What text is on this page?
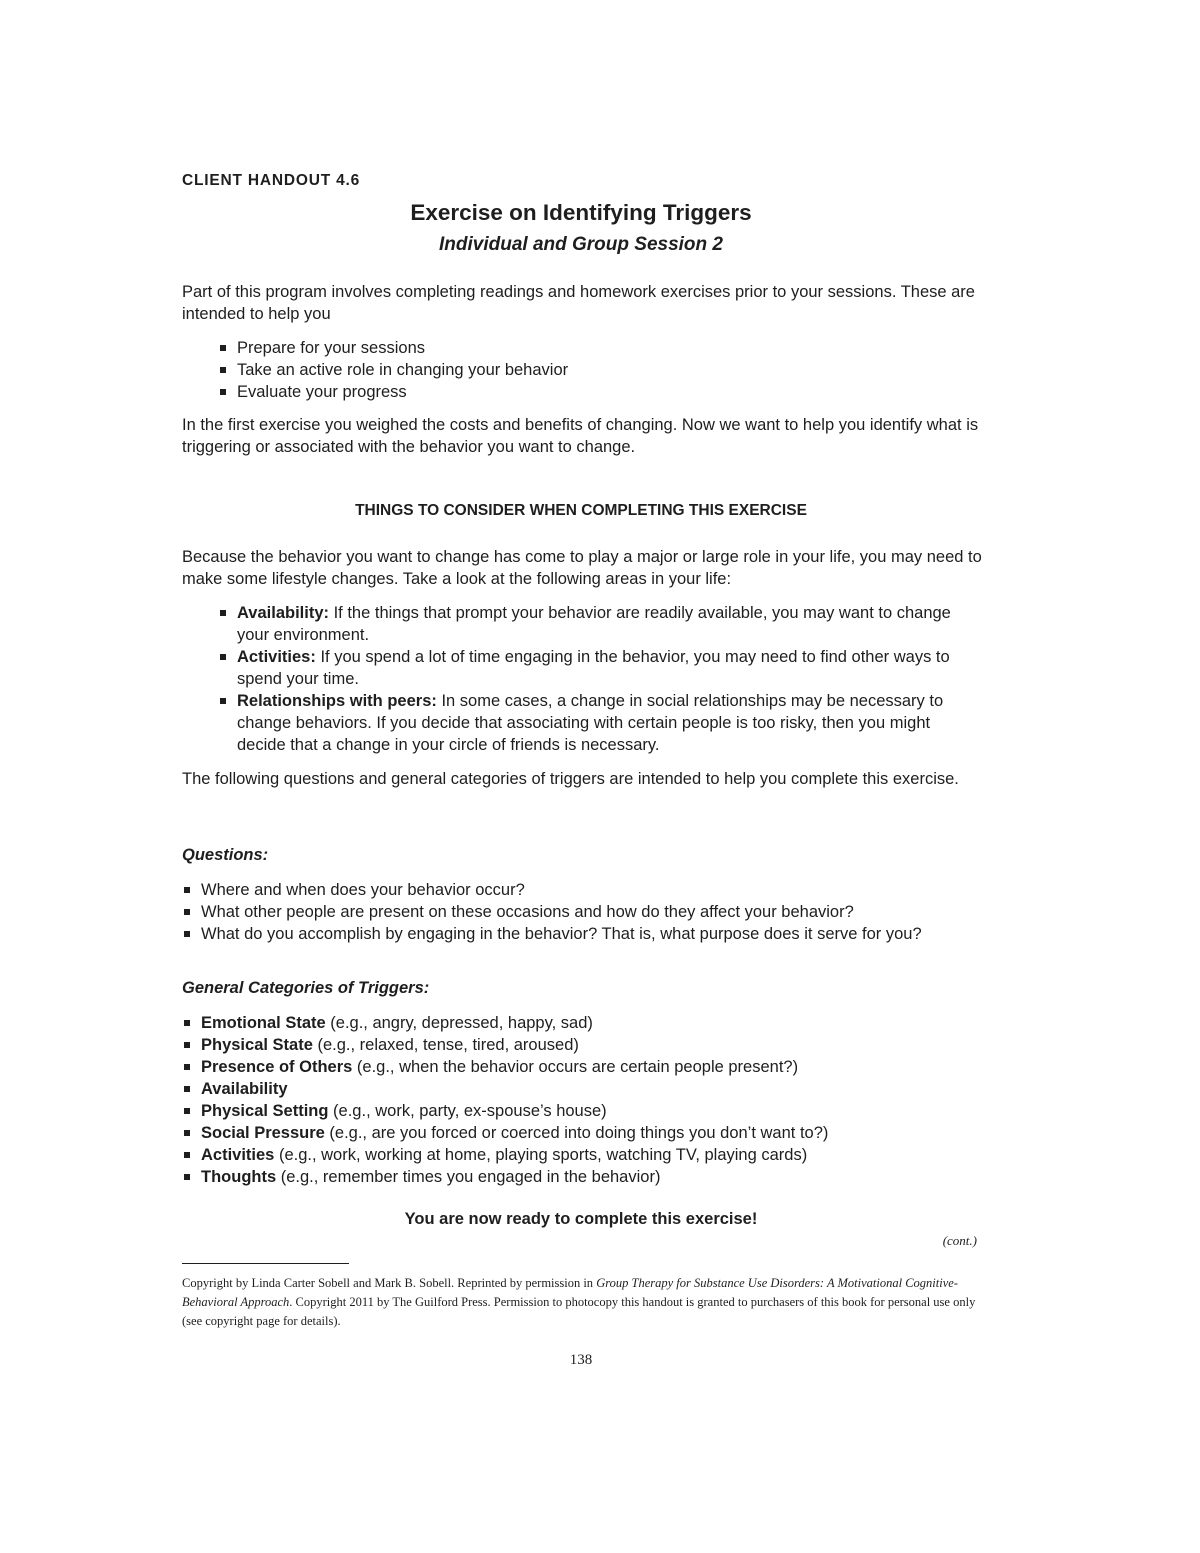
CLIENT HANDOUT 4.6
Exercise on Identifying Triggers
Individual and Group Session 2

Part of this program involves completing readings and homework exercises prior to your sessions. These are intended to help you

Prepare for your sessions
Take an active role in changing your behavior
Evaluate your progress

In the first exercise you weighed the costs and benefits of changing. Now we want to help you identify what is triggering or associated with the behavior you want to change.

THINGS TO CONSIDER WHEN COMPLETING THIS EXERCISE

Because the behavior you want to change has come to play a major or large role in your life, you may need to make some lifestyle changes. Take a look at the following areas in your life:

Availability: If the things that prompt your behavior are readily available, you may want to change your environment.
Activities: If you spend a lot of time engaging in the behavior, you may need to find other ways to spend your time.
Relationships with peers: In some cases, a change in social relationships may be necessary to change behaviors. If you decide that associating with certain people is too risky, then you might decide that a change in your circle of friends is necessary.

The following questions and general categories of triggers are intended to help you complete this exercise.

Questions:
Where and when does your behavior occur?
What other people are present on these occasions and how do they affect your behavior?
What do you accomplish by engaging in the behavior? That is, what purpose does it serve for you?
General Categories of Triggers:
Emotional State (e.g., angry, depressed, happy, sad)
Physical State (e.g., relaxed, tense, tired, aroused)
Presence of Others (e.g., when the behavior occurs are certain people present?)
Availability
Physical Setting (e.g., work, party, ex-spouse’s house)
Social Pressure (e.g., are you forced or coerced into doing things you don’t want to?)
Activities (e.g., work, working at home, playing sports, watching TV, playing cards)
Thoughts (e.g., remember times you engaged in the behavior)
You are now ready to complete this exercise!
(cont.)

Copyright by Linda Carter Sobell and Mark B. Sobell. Reprinted by permission in Group Therapy for Substance Use Disorders: A Motivational Cognitive-Behavioral Approach. Copyright 2011 by The Guilford Press. Permission to photocopy this handout is granted to purchasers of this book for personal use only (see copyright page for details).

138
